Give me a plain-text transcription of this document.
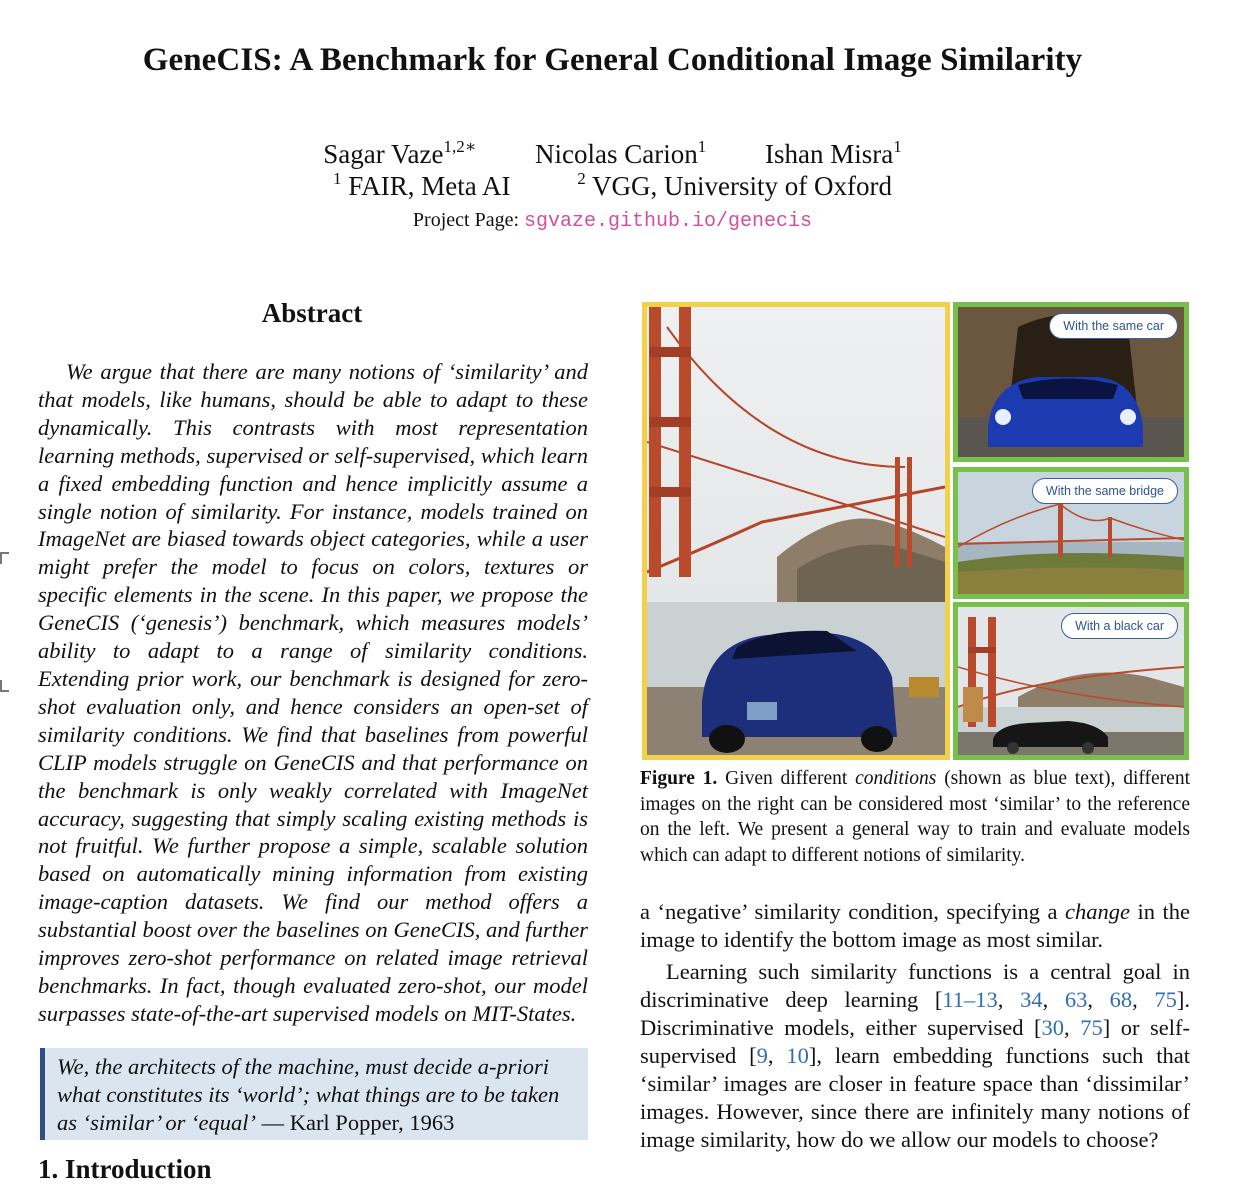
GeneCIS: A Benchmark for General Conditional Image Similarity
Sagar Vaze$^{1,2∗}$ Nicolas Carion$^1$ Ishan Misra$^1$
$^1$ FAIR, Meta AI	$^2$ VGG, University of Oxford
Project Page: sgvaze.github.io/genecis
Abstract
We argue that there are many notions of ‘similarity’ and that models, like humans, should be able to adapt to these dynamically. This contrasts with most representation learning methods, supervised or self-supervised, which learn a fixed embedding function and hence implicitly assume a single notion of similarity. For instance, models trained on ImageNet are biased towards object categories, while a user might prefer the model to focus on colors, textures or specific elements in the scene. In this paper, we propose the GeneCIS (‘genesis’) benchmark, which measures models’ ability to adapt to a range of similarity conditions. Extending prior work, our benchmark is designed for zero-shot evaluation only, and hence considers an open-set of similarity conditions. We find that baselines from powerful CLIP models struggle on GeneCIS and that performance on the benchmark is only weakly correlated with ImageNet accuracy, suggesting that simply scaling existing methods is not fruitful. We further propose a simple, scalable solution based on automatically mining information from existing image-caption datasets. We find our method offers a substantial boost over the baselines on GeneCIS, and further improves zero-shot performance on related image retrieval benchmarks. In fact, though evaluated zero-shot, our model surpasses state-of-the-art supervised models on MIT-States.
We, the architects of the machine, must decide a-priori what constitutes its ‘world’; what things are to be taken as ‘similar’ or ‘equal’ — Karl Popper, 1963
1. Introduction
With the same car
With the same bridge
With a black car
Figure 1. Given different conditions (shown as blue text), different images on the right can be considered most ‘similar’ to the reference on the left. We present a general way to train and evaluate models which can adapt to different notions of similarity.

a ‘negative’ similarity condition, specifying a change in the image to identify the bottom image as most similar.

Learning such similarity functions is a central goal in discriminative deep learning [11–13, 34, 63, 68, 75]. Discriminative models, either supervised [30, 75] or self-supervised [9, 10], learn embedding functions such that ‘similar’ images are closer in feature space than ‘dissimilar’ images. However, since there are infinitely many notions of image similarity, how do we allow our models to choose?
